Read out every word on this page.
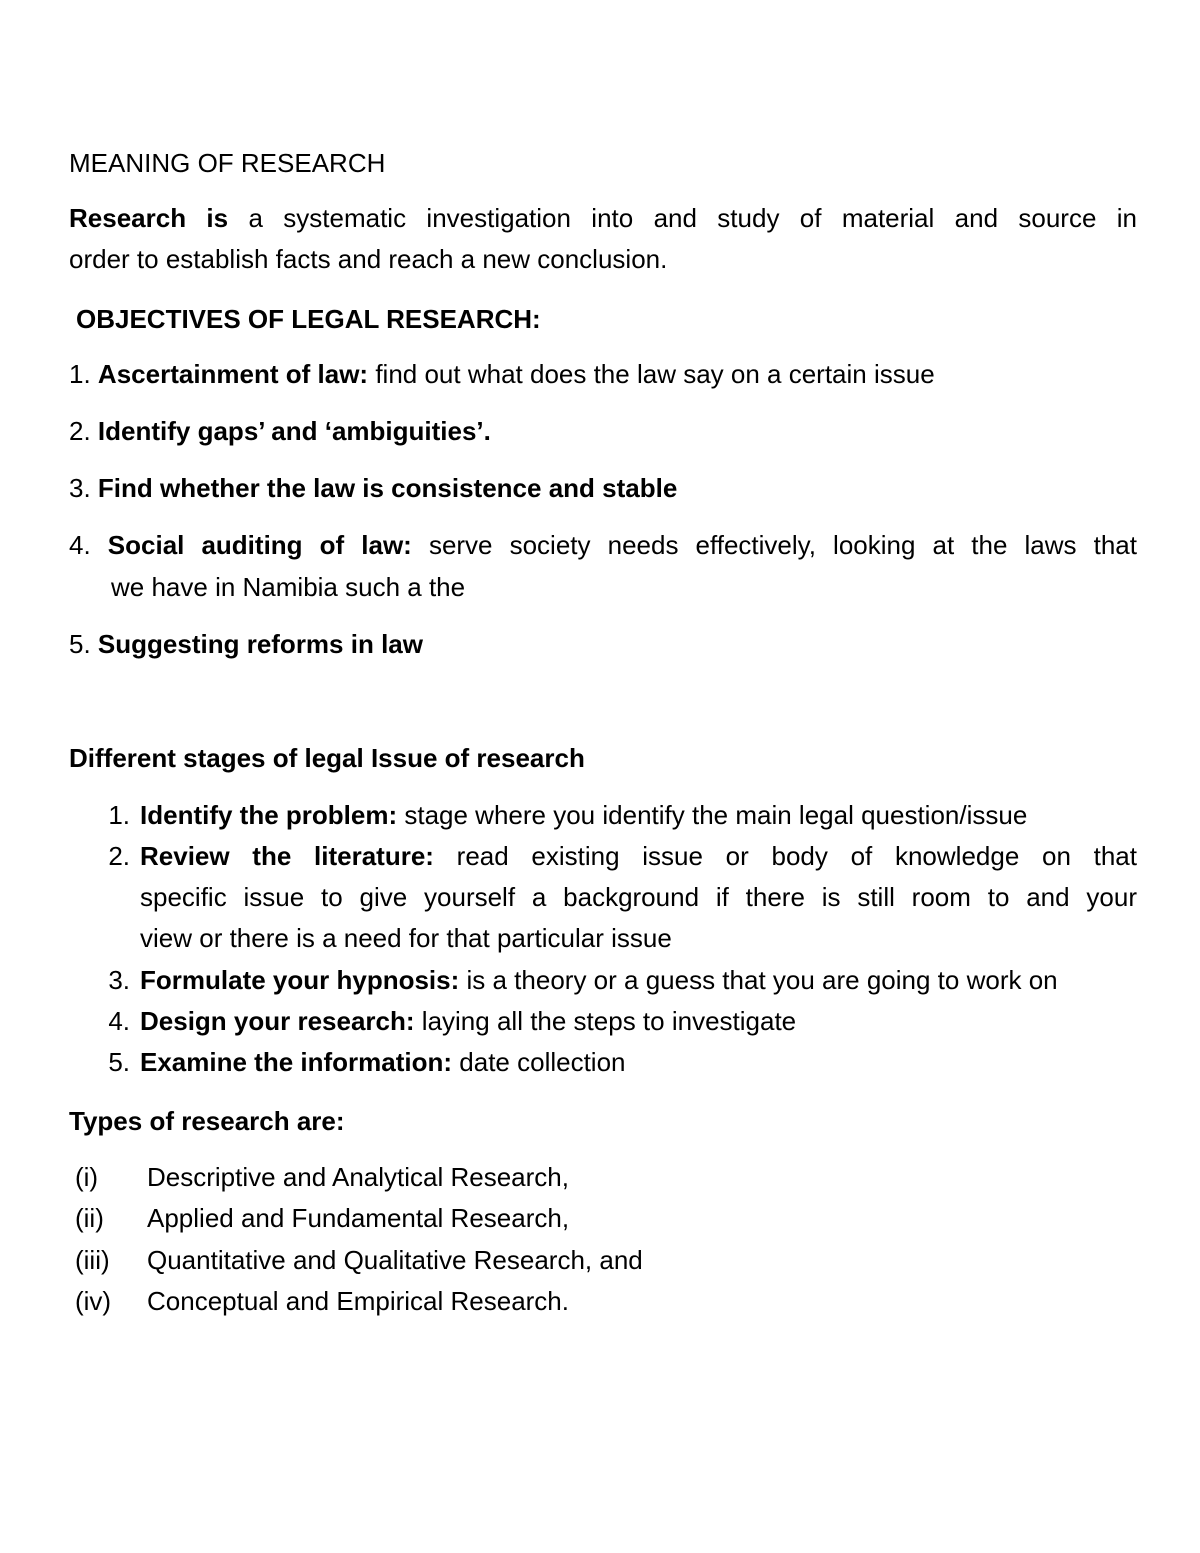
MEANING OF RESEARCH
Research is a systematic investigation into and study of material and source in
order to establish facts and reach a new conclusion.
OBJECTIVES OF LEGAL RESEARCH:
1. Ascertainment of law: find out what does the law say on a certain issue
2. Identify gaps’ and ‘ambiguities’.
3. Find whether the law is consistence and stable
4. Social auditing of law: serve society needs effectively, looking at the laws that
we have in Namibia such a the
5. Suggesting reforms in law
Different stages of legal Issue of research
1. Identify the problem: stage where you identify the main legal question/issue
2. Review the literature: read existing issue or body of knowledge on that
specific issue to give yourself a background if there is still room to and your
view or there is a need for that particular issue
3. Formulate your hypnosis: is a theory or a guess that you are going to work on
4. Design your research: laying all the steps to investigate
5. Examine the information: date collection
Types of research are:
(i) Descriptive and Analytical Research,
(ii) Applied and Fundamental Research,
(iii) Quantitative and Qualitative Research, and
(iv) Conceptual and Empirical Research.
